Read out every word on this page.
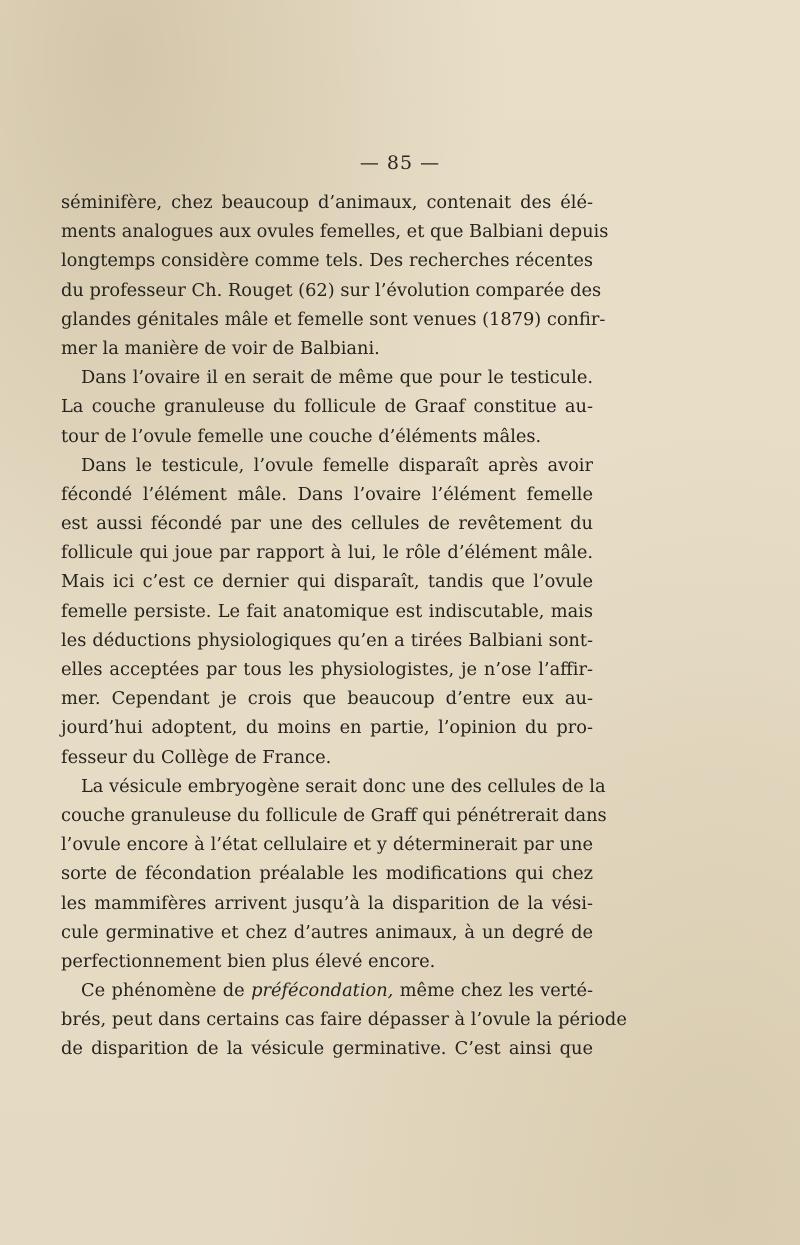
— 85 —
séminifère, chez beaucoup d’animaux, contenait des élé-
ments analogues aux ovules femelles, et que Balbiani depuis
longtemps considère comme tels. Des recherches récentes
du professeur Ch. Rouget (62) sur l’évolution comparée des
glandes génitales mâle et femelle sont venues (1879) confir-
mer la manière de voir de Balbiani.
Dans l’ovaire il en serait de même que pour le testicule.
La couche granuleuse du follicule de Graaf constitue au-
tour de l’ovule femelle une couche d’éléments mâles.
Dans le testicule, l’ovule femelle disparaît après avoir
fécondé l’élément mâle. Dans l’ovaire l’élément femelle
est aussi fécondé par une des cellules de revêtement du
follicule qui joue par rapport à lui, le rôle d’élément mâle.
Mais ici c’est ce dernier qui disparaît, tandis que l’ovule
femelle persiste. Le fait anatomique est indiscutable, mais
les déductions physiologiques qu’en a tirées Balbiani sont-
elles acceptées par tous les physiologistes, je n’ose l’affir-
mer. Cependant je crois que beaucoup d’entre eux au-
jourd’hui adoptent, du moins en partie, l’opinion du pro-
fesseur du Collège de France.
La vésicule embryogène serait donc une des cellules de la
couche granuleuse du follicule de Graff qui pénétrerait dans
l’ovule encore à l’état cellulaire et y déterminerait par une
sorte de fécondation préalable les modifications qui chez
les mammifères arrivent jusqu’à la disparition de la vési-
cule germinative et chez d’autres animaux, à un degré de
perfectionnement bien plus élevé encore.
Ce phénomène de préfécondation, même chez les verté-
brés, peut dans certains cas faire dépasser à l’ovule la période
de disparition de la vésicule germinative. C’est ainsi que
